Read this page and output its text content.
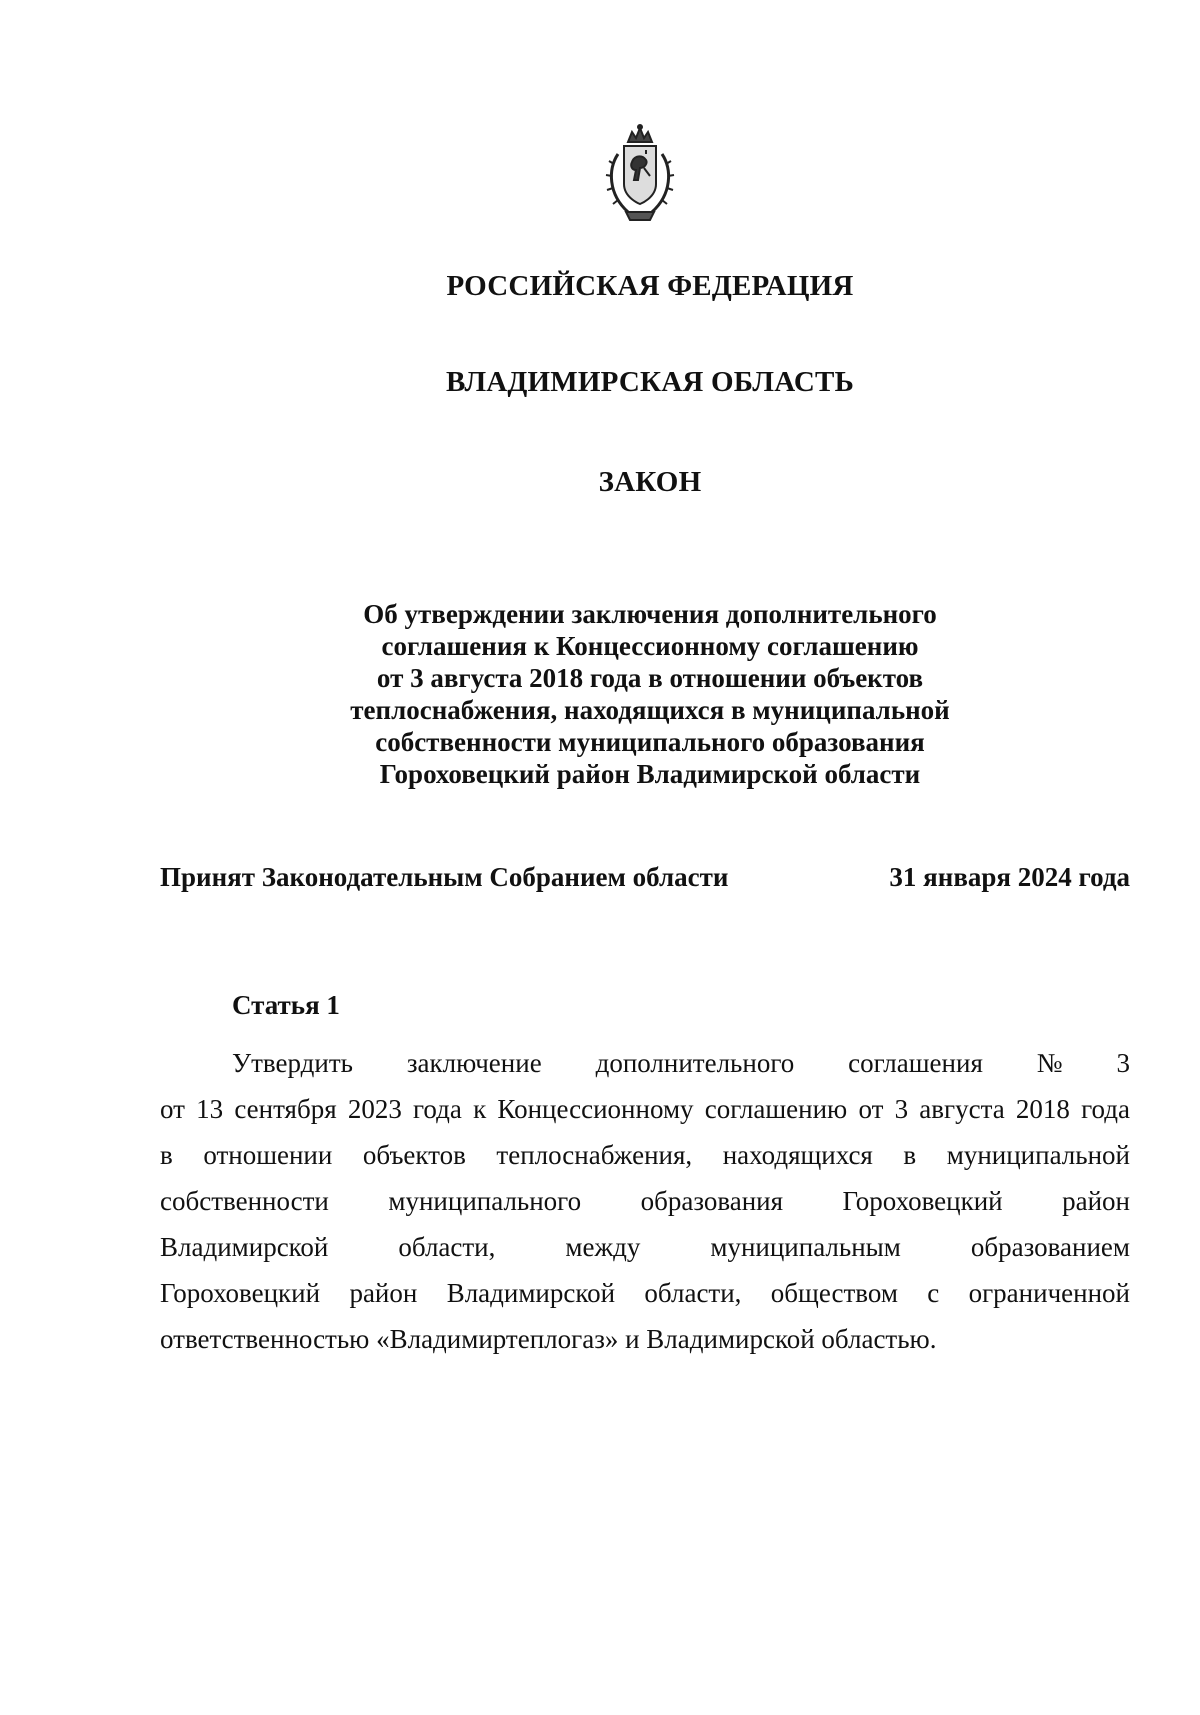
РОССИЙСКАЯ ФЕДЕРАЦИЯ
ВЛАДИМИРСКАЯ ОБЛАСТЬ
ЗАКОН
Об утверждении заключения дополнительного
соглашения к Концессионному соглашению
от 3 августа 2018 года в отношении объектов
теплоснабжения, находящихся в муниципальной
собственности муниципального образования
Гороховецкий район Владимирской области
Принят Законодательным Собранием области	31 января 2024 года
Статья 1
Утвердить заключение дополнительного соглашения № 3
от 13 сентября 2023 года к Концессионному соглашению от 3 августа 2018 года
в отношении объектов теплоснабжения, находящихся в муниципальной
собственности муниципального образования Гороховецкий район
Владимирской	области,	между	муниципальным	образованием
Гороховецкий район Владимирской области, обществом с ограниченной
ответственностью «Владимиртеплогаз» и Владимирской областью.
